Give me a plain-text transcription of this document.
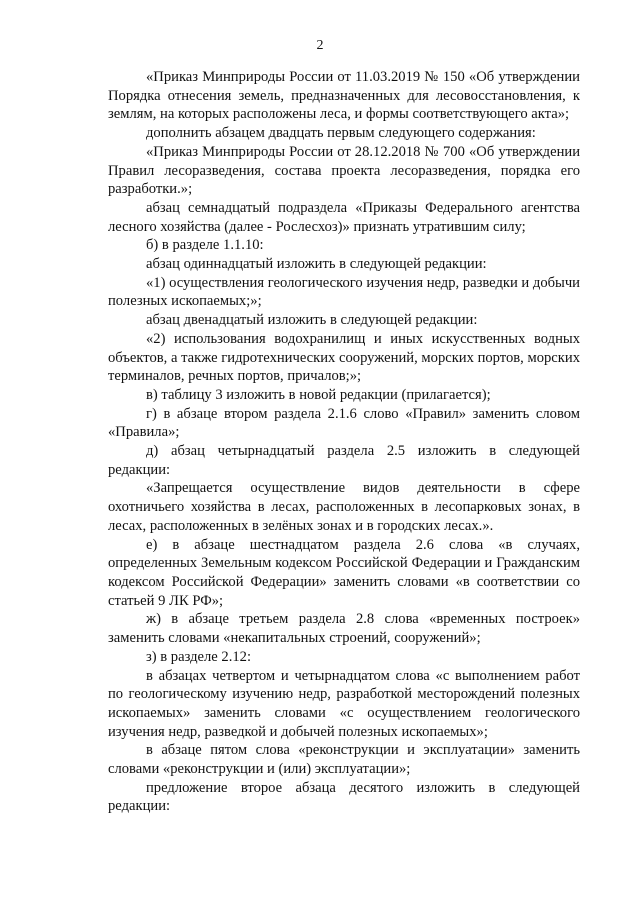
2

«Приказ Минприроды России от 11.03.2019 № 150 «Об утверждении Порядка отнесения земель, предназначенных для лесовосстановления, к землям, на которых расположены леса, и формы соответствующего акта»;

дополнить абзацем двадцать первым следующего содержания:

«Приказ Минприроды России от 28.12.2018 № 700 «Об утверждении Правил лесоразведения, состава проекта лесоразведения, порядка его разработки.»;

абзац семнадцатый подраздела «Приказы Федерального агентства лесного хозяйства (далее - Рослесхоз)» признать утратившим силу;

б) в разделе 1.1.10:

абзац одиннадцатый изложить в следующей редакции:

«1) осуществления геологического изучения недр, разведки и добычи полезных ископаемых;»;

абзац двенадцатый изложить в следующей редакции:

«2) использования водохранилищ и иных искусственных водных объектов, а также гидротехнических сооружений, морских портов, морских терминалов, речных портов, причалов;»;

в) таблицу 3 изложить в новой редакции (прилагается);

г) в абзаце втором раздела 2.1.6 слово «Правил» заменить словом «Правила»;

д) абзац четырнадцатый раздела 2.5 изложить в следующей редакции:

«Запрещается осуществление видов деятельности в сфере охотничьего хозяйства в лесах, расположенных в лесопарковых зонах, в лесах, расположенных в зелёных зонах и в городских лесах.».

е) в абзаце шестнадцатом раздела 2.6 слова «в случаях, определенных Земельным кодексом Российской Федерации и Гражданским кодексом Российской Федерации» заменить словами «в соответствии со статьей 9 ЛК РФ»;

ж) в абзаце третьем раздела 2.8 слова «временных построек» заменить словами «некапитальных строений, сооружений»;

з) в разделе 2.12:

в абзацах четвертом и четырнадцатом слова «с выполнением работ по геологическому изучению недр, разработкой месторождений полезных ископаемых» заменить словами «с осуществлением геологического изучения недр, разведкой и добычей полезных ископаемых»;

в абзаце пятом слова «реконструкции и эксплуатации» заменить словами «реконструкции и (или) эксплуатации»;

предложение второе абзаца десятого изложить в следующей редакции:
